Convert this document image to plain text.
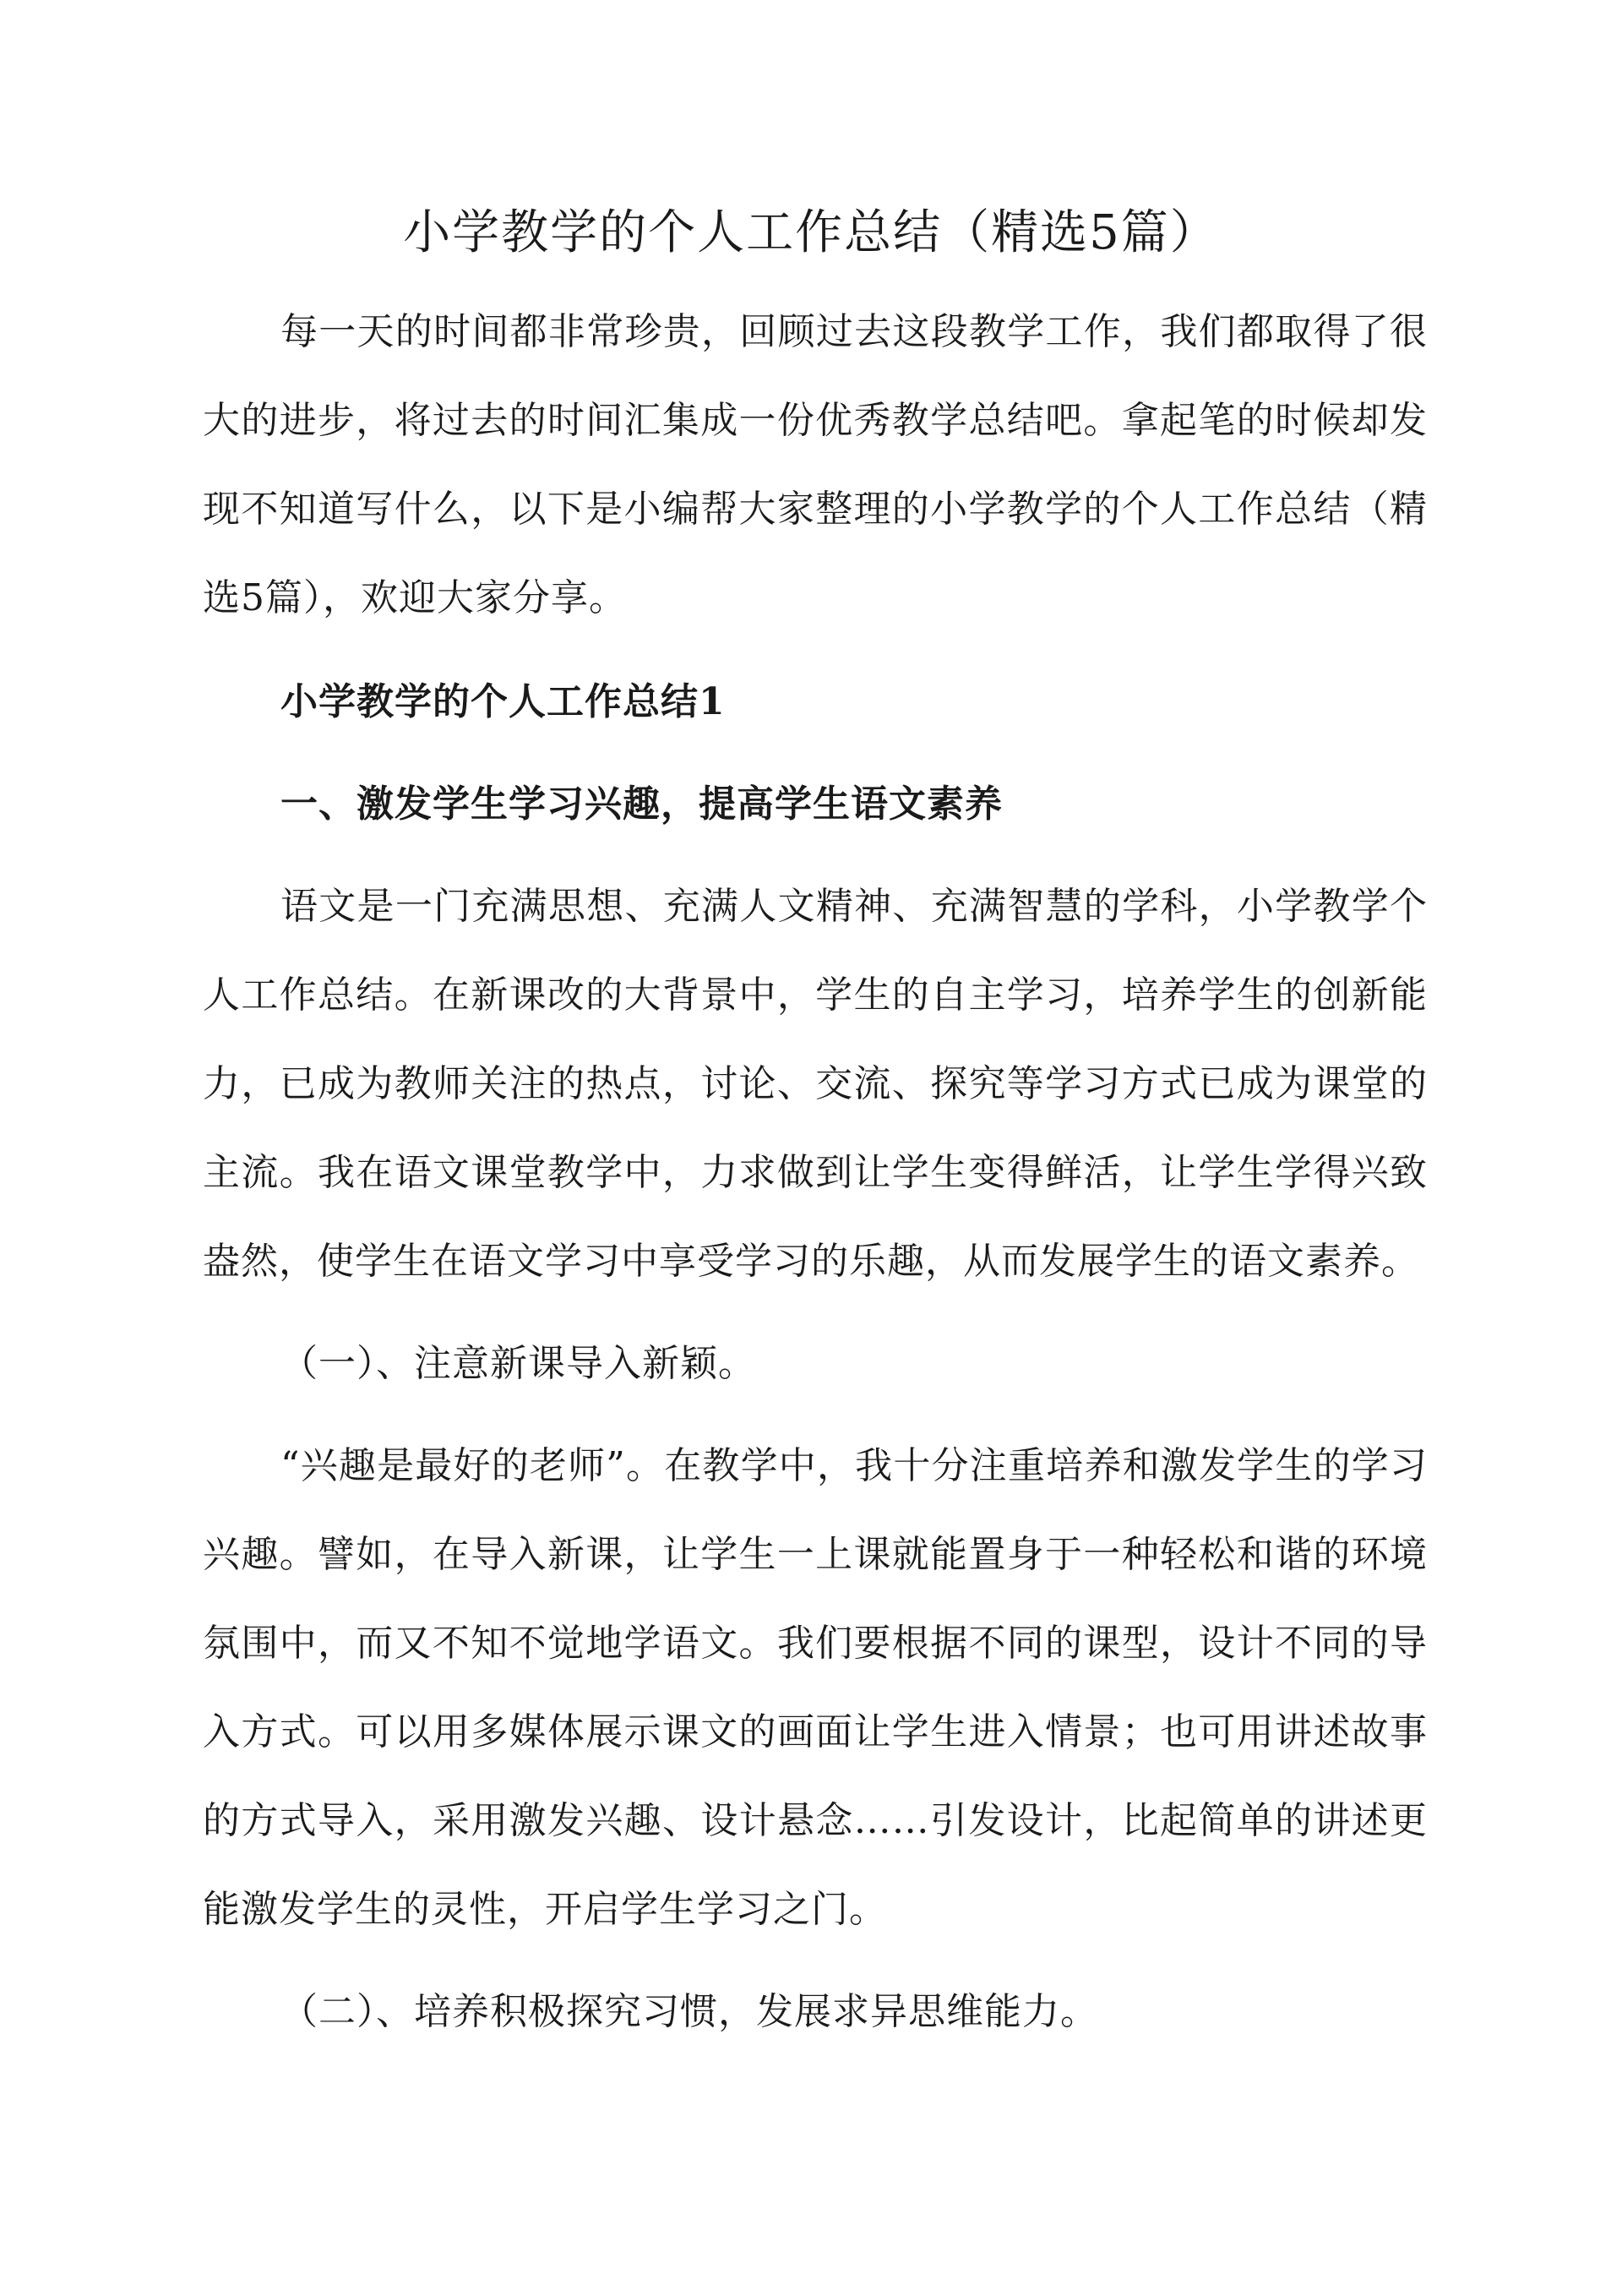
小学教学的个人工作总结（精选5篇）

每一天的时间都非常珍贵，回顾过去这段教学工作，我们都取得了很大的进步，将过去的时间汇集成一份优秀教学总结吧。拿起笔的时候却发现不知道写什么，以下是小编帮大家整理的小学教学的个人工作总结（精选5篇），欢迎大家分享。

小学教学的个人工作总结1

一、激发学生学习兴趣，提高学生语文素养

语文是一门充满思想、充满人文精神、充满智慧的学科，小学教学个人工作总结。在新课改的大背景中，学生的自主学习，培养学生的创新能力，已成为教师关注的热点，讨论、交流、探究等学习方式已成为课堂的主流。我在语文课堂教学中，力求做到让学生变得鲜活，让学生学得兴致盎然，使学生在语文学习中享受学习的乐趣，从而发展学生的语文素养。

（一）、注意新课导入新颖。

“兴趣是最好的老师”。在教学中，我十分注重培养和激发学生的学习兴趣。譬如，在导入新课，让学生一上课就能置身于一种轻松和谐的环境氛围中，而又不知不觉地学语文。我们要根据不同的课型，设计不同的导入方式。可以用多媒体展示课文的画面让学生进入情景；也可用讲述故事的方式导入，采用激发兴趣、设计悬念……引发设计，比起简单的讲述更能激发学生的灵性，开启学生学习之门。

（二）、培养积极探究习惯，发展求异思维能力。
